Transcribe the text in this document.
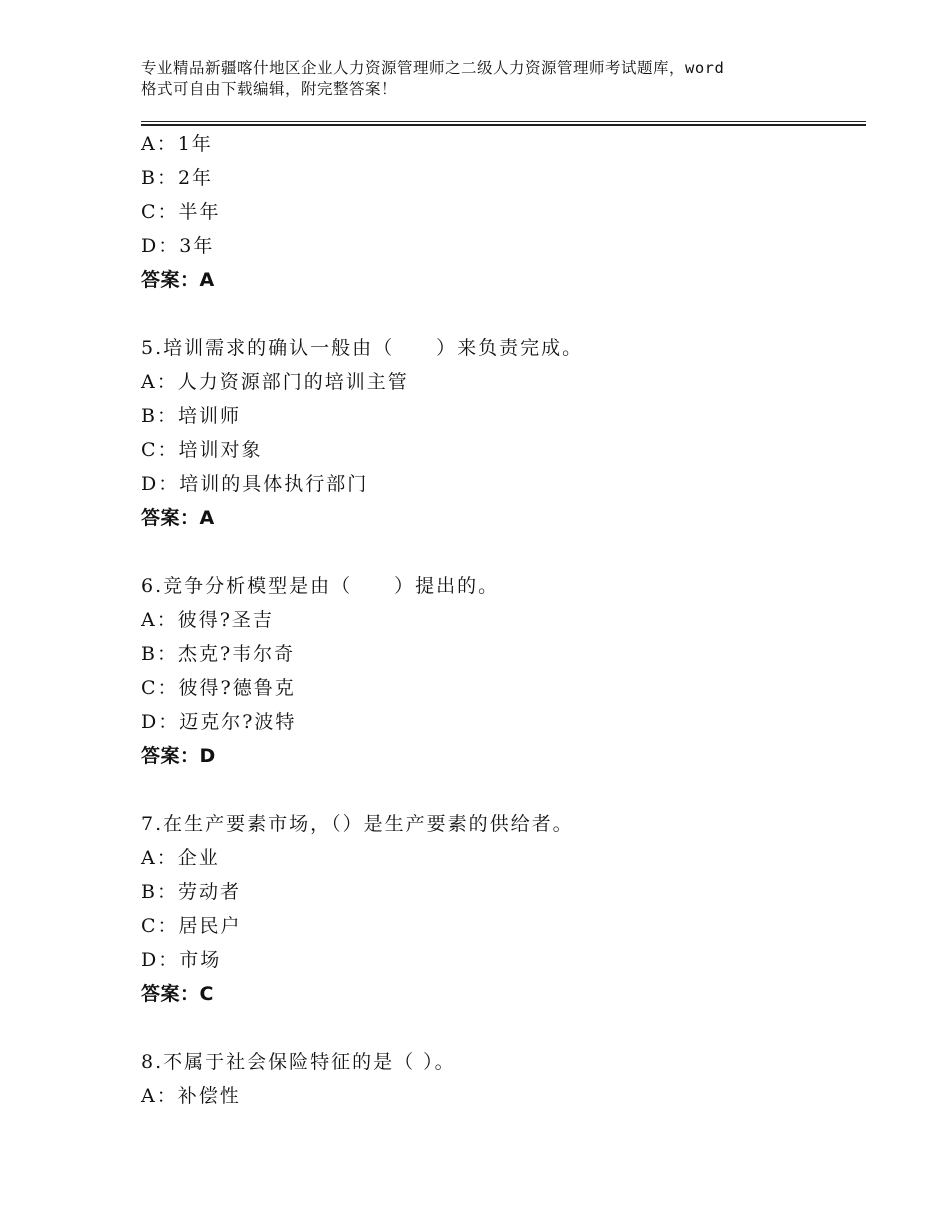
专业精品新疆喀什地区企业人力资源管理师之二级人力资源管理师考试题库，word
格式可自由下载编辑，附完整答案！
A：1年
B：2年
C：半年
D：3年
答案：A
5.培训需求的确认一般由（　　）来负责完成。
A：人力资源部门的培训主管
B：培训师
C：培训对象
D：培训的具体执行部门
答案：A
6.竞争分析模型是由（　　）提出的。
A：彼得?圣吉
B：杰克?韦尔奇
C：彼得?德鲁克
D：迈克尔?波特
答案：D
7.在生产要素市场，（）是生产要素的供给者。
A：企业
B：劳动者
C：居民户
D：市场
答案：C
8.不属于社会保险特征的是（ ）。
A：补偿性
